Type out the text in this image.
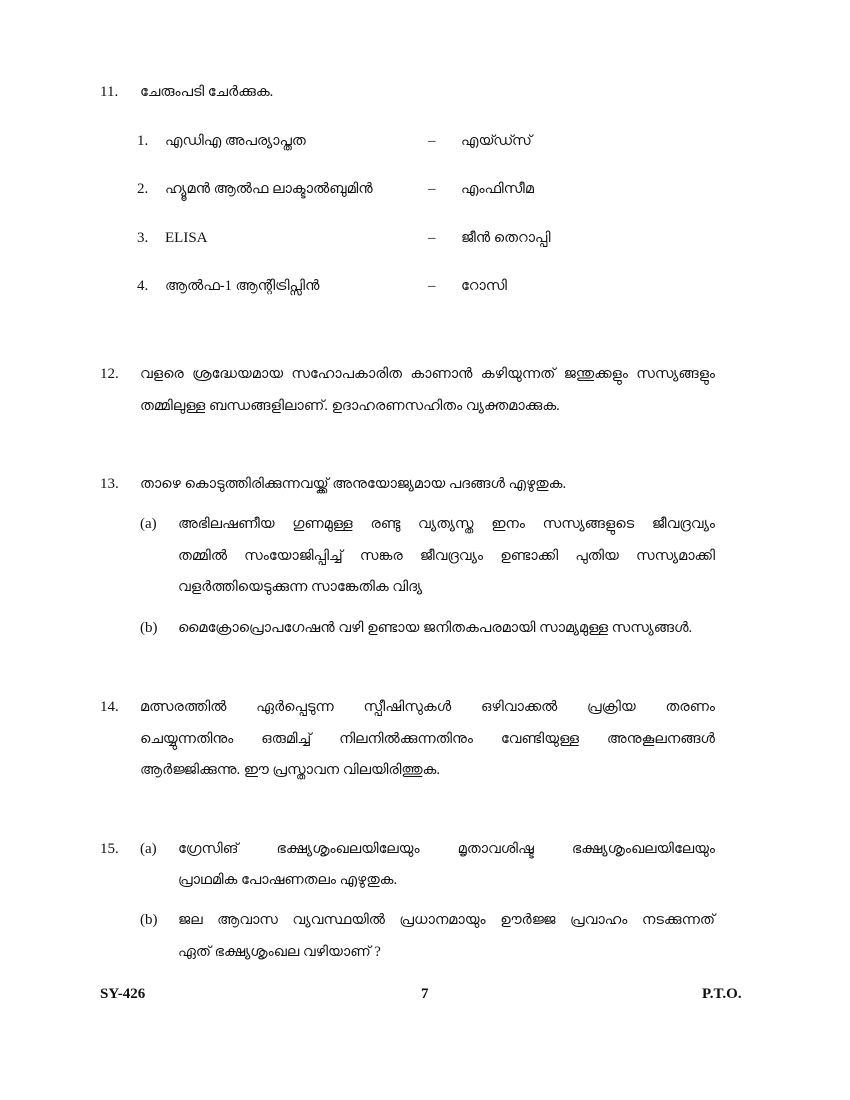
11. ചേരുംപടി ചേർക്കുക.
1. എഡിഎ അപര്യാപ്തത	– എയ്ഡ്സ്
2. ഹ്യൂമൻ ആൽഫ ലാക്ടാൽബുമിൻ	– എംഫിസീമ
3. ELISA	– ജീൻ തെറാപ്പി
4. ആൽഫ-1 ആന്റിട്രിപ്സിൻ	– റോസി
12. വളരെ ശ്രദ്ധേയമായ സഹോപകാരിത കാണാൻ കഴിയുന്നത് ജന്തുക്കളും സസ്യങ്ങളും
തമ്മിലുള്ള ബന്ധങ്ങളിലാണ്. ഉദാഹരണസഹിതം വ്യക്തമാക്കുക.
13. താഴെ കൊടുത്തിരിക്കുന്നവയ്ക്ക് അനുയോജ്യമായ പദങ്ങൾ എഴുതുക.
(a) അഭിലഷണീയ ഗുണമുള്ള രണ്ടു വ്യത്യസ്ത ഇനം സസ്യങ്ങളുടെ ജീവദ്രവ്യം
തമ്മിൽ സംയോജിപ്പിച്ച് സങ്കര ജീവദ്രവ്യം ഉണ്ടാക്കി പുതിയ സസ്യമാക്കി
വളർത്തിയെടുക്കുന്ന സാങ്കേതിക വിദ്യ
(b) മൈക്രോപ്രൊപഗേഷൻ വഴി ഉണ്ടായ ജനിതകപരമായി സാമ്യമുള്ള സസ്യങ്ങൾ.
14. മത്സരത്തിൽ ഏർപ്പെടുന്ന സ്പീഷിസുകൾ ഒഴിവാക്കൽ പ്രക്രിയ തരണം
ചെയ്യുന്നതിനും ഒരുമിച്ച് നിലനിൽക്കുന്നതിനും വേണ്ടിയുള്ള അനുകൂലനങ്ങൾ
ആർജ്ജിക്കുന്നു. ഈ പ്രസ്താവന വിലയിരിത്തുക.
15. (a) ഗ്രേസിങ് ഭക്ഷ്യശൃംഖലയിലേയും മൃതാവശിഷ്ട ഭക്ഷ്യശൃംഖലയിലേയും
പ്രാഥമിക പോഷണതലം എഴുതുക.
(b) ജല ആവാസ വ്യവസ്ഥയിൽ പ്രധാനമായും ഊർജ്ജ പ്രവാഹം നടക്കുന്നത്
ഏത് ഭക്ഷ്യശൃംഖല വഴിയാണ് ?
SY-426	7	P.T.O.
